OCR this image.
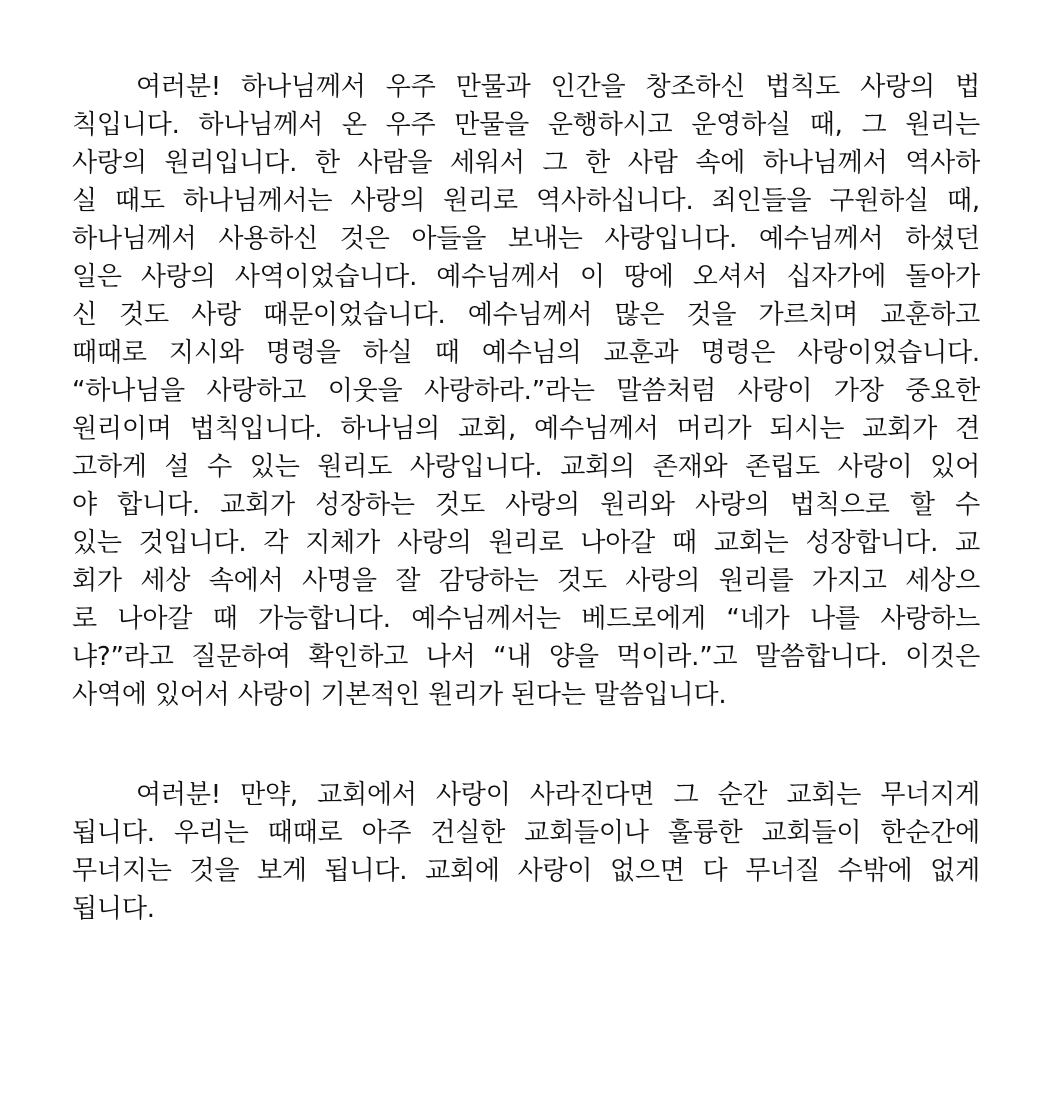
여러분! 하나님께서 우주 만물과 인간을 창조하신 법칙도 사랑의 법
칙입니다. 하나님께서 온 우주 만물을 운행하시고 운영하실 때, 그 원리는
사랑의 원리입니다. 한 사람을 세워서 그 한 사람 속에 하나님께서 역사하
실 때도 하나님께서는 사랑의 원리로 역사하십니다. 죄인들을 구원하실 때,
하나님께서 사용하신 것은 아들을 보내는 사랑입니다. 예수님께서 하셨던
일은 사랑의 사역이었습니다. 예수님께서 이 땅에 오셔서 십자가에 돌아가
신 것도 사랑 때문이었습니다. 예수님께서 많은 것을 가르치며 교훈하고
때때로 지시와 명령을 하실 때 예수님의 교훈과 명령은 사랑이었습니다.
“하나님을 사랑하고 이웃을 사랑하라.”라는 말씀처럼 사랑이 가장 중요한
원리이며 법칙입니다. 하나님의 교회, 예수님께서 머리가 되시는 교회가 견
고하게 설 수 있는 원리도 사랑입니다. 교회의 존재와 존립도 사랑이 있어
야 합니다. 교회가 성장하는 것도 사랑의 원리와 사랑의 법칙으로 할 수
있는 것입니다. 각 지체가 사랑의 원리로 나아갈 때 교회는 성장합니다. 교
회가 세상 속에서 사명을 잘 감당하는 것도 사랑의 원리를 가지고 세상으
로 나아갈 때 가능합니다. 예수님께서는 베드로에게 “네가 나를 사랑하느
냐?”라고 질문하여 확인하고 나서 “내 양을 먹이라.”고 말씀합니다. 이것은
사역에 있어서 사랑이 기본적인 원리가 된다는 말씀입니다.
여러분! 만약, 교회에서 사랑이 사라진다면 그 순간 교회는 무너지게
됩니다. 우리는 때때로 아주 건실한 교회들이나 훌륭한 교회들이 한순간에
무너지는 것을 보게 됩니다. 교회에 사랑이 없으면 다 무너질 수밖에 없게
됩니다.
